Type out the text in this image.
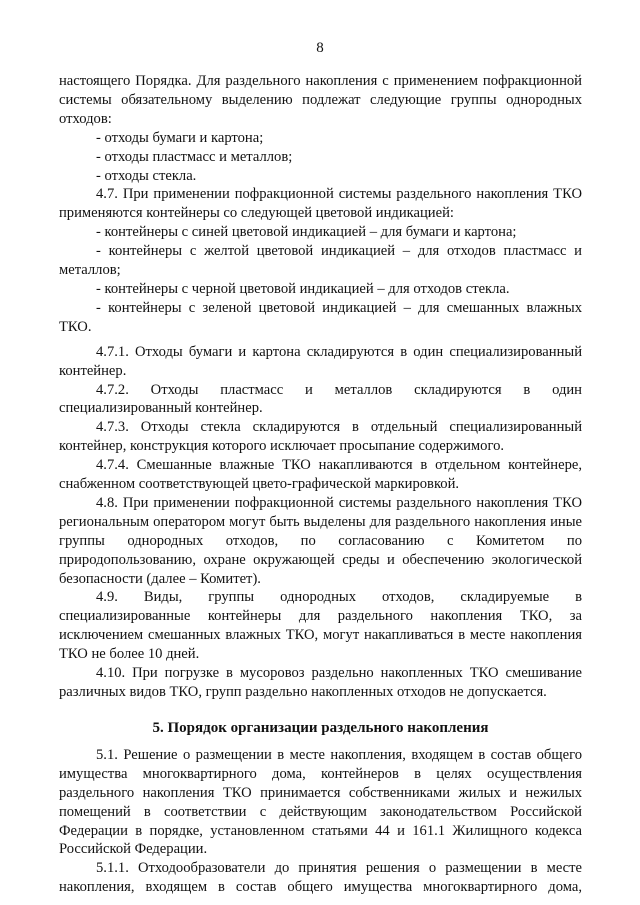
8

настоящего Порядка. Для раздельного накопления с применением пофракционной системы обязательному выделению подлежат следующие группы однородных отходов:

- отходы бумаги и картона;

- отходы пластмасс и металлов;

- отходы стекла.

4.7. При применении пофракционной системы раздельного накопления ТКО применяются контейнеры со следующей цветовой индикацией:

- контейнеры с синей цветовой индикацией – для бумаги и картона;

- контейнеры с желтой цветовой индикацией – для отходов пластмасс и металлов;

- контейнеры с черной цветовой индикацией – для отходов стекла.

- контейнеры с зеленой цветовой индикацией – для смешанных влажных ТКО.

4.7.1. Отходы бумаги и картона складируются в один специализированный контейнер.

4.7.2. Отходы пластмасс и металлов складируются в один специализированный контейнер.

4.7.3. Отходы стекла складируются в отдельный специализированный контейнер, конструкция которого исключает просыпание содержимого.

4.7.4. Смешанные влажные ТКО накапливаются в отдельном контейнере, снабженном соответствующей цвето-графической маркировкой.

4.8. При применении пофракционной системы раздельного накопления ТКО региональным оператором могут быть выделены для раздельного накопления иные группы однородных отходов, по согласованию с Комитетом по природопользованию, охране окружающей среды и обеспечению экологической безопасности (далее – Комитет).

4.9. Виды, группы однородных отходов, складируемые в специализированные контейнеры для раздельного накопления ТКО, за исключением смешанных влажных ТКО, могут накапливаться в месте накопления ТКО не более 10 дней.

4.10. При погрузке в мусоровоз раздельно накопленных ТКО смешивание различных видов ТКО, групп раздельно накопленных отходов не допускается.

5. Порядок организации раздельного накопления

5.1. Решение о размещении в месте накопления, входящем в состав общего имущества многоквартирного дома, контейнеров в целях осуществления раздельного накопления ТКО принимается собственниками жилых и нежилых помещений в соответствии с действующим законодательством Российской Федерации в порядке, установленном статьями 44 и 161.1 Жилищного кодекса Российской Федерации.

5.1.1. Отходообразователи до принятия решения о размещении в месте накопления, входящем в состав общего имущества многоквартирного дома,
